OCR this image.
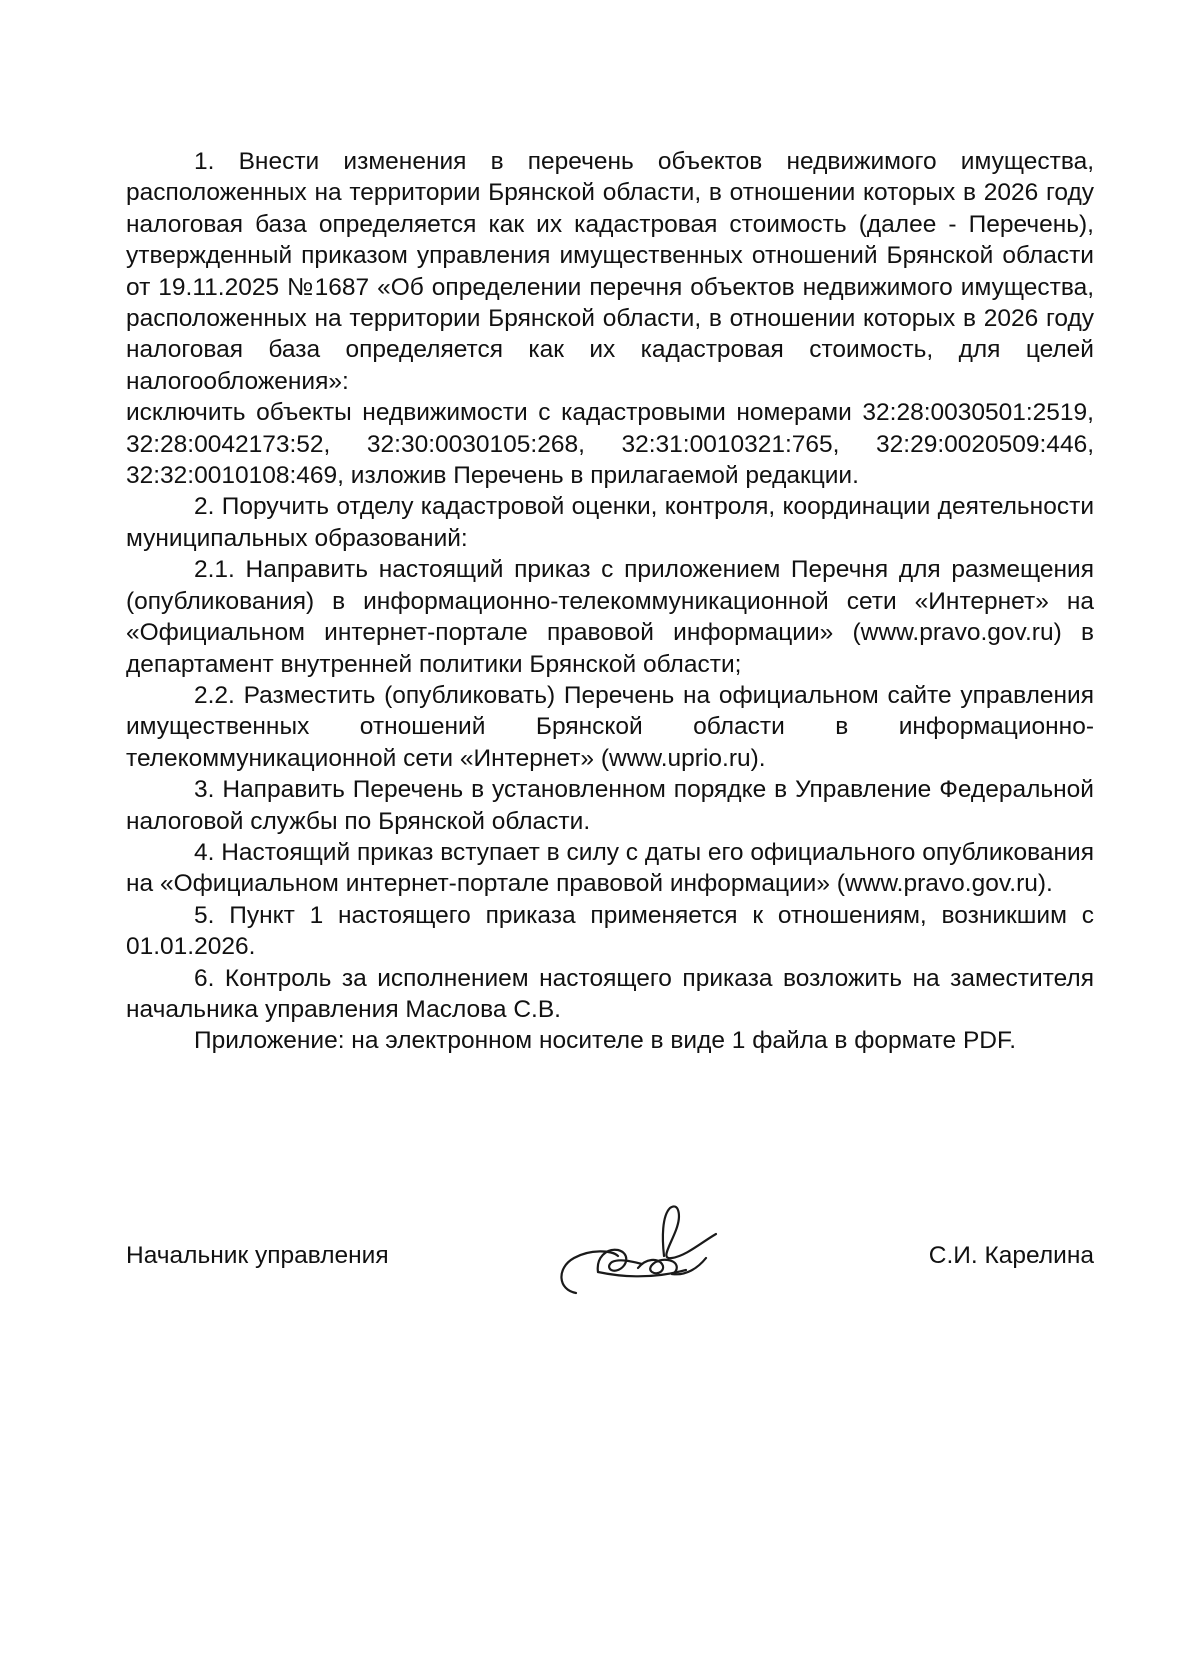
1. Внести изменения в перечень объектов недвижимого имущества, расположенных на территории Брянской области, в отношении которых в 2026 году налоговая база определяется как их кадастровая стоимость (далее - Перечень), утвержденный приказом управления имущественных отношений Брянской области от 19.11.2025 №1687 «Об определении перечня объектов недвижимого имущества, расположенных на территории Брянской области, в отношении которых в 2026 году налоговая база определяется как их кадастровая стоимость, для целей налогообложения»:

исключить объекты недвижимости с кадастровыми номерами 32:28:0030501:2519, 32:28:0042173:52, 32:30:0030105:268, 32:31:0010321:765, 32:29:0020509:446, 32:32:0010108:469, изложив Перечень в прилагаемой редакции.

2. Поручить отделу кадастровой оценки, контроля, координации деятельности муниципальных образований:

2.1. Направить настоящий приказ с приложением Перечня для размещения (опубликования) в информационно-телекоммуникационной сети «Интернет» на «Официальном интернет-портале правовой информации» (www.pravo.gov.ru) в департамент внутренней политики Брянской области;

2.2. Разместить (опубликовать) Перечень на официальном сайте управления имущественных отношений Брянской области в информационно-телекоммуникационной сети «Интернет» (www.uprio.ru).

3. Направить Перечень в установленном порядке в Управление Федеральной налоговой службы по Брянской области.

4. Настоящий приказ вступает в силу с даты его официального опубликования на «Официальном интернет-портале правовой информации» (www.pravo.gov.ru).

5. Пункт 1 настоящего приказа применяется к отношениям, возникшим с 01.01.2026.

6. Контроль за исполнением настоящего приказа возложить на заместителя начальника управления Маслова С.В.

Приложение: на электронном носителе в виде 1 файла в формате PDF.

Начальник управления	С.И. Карелина
